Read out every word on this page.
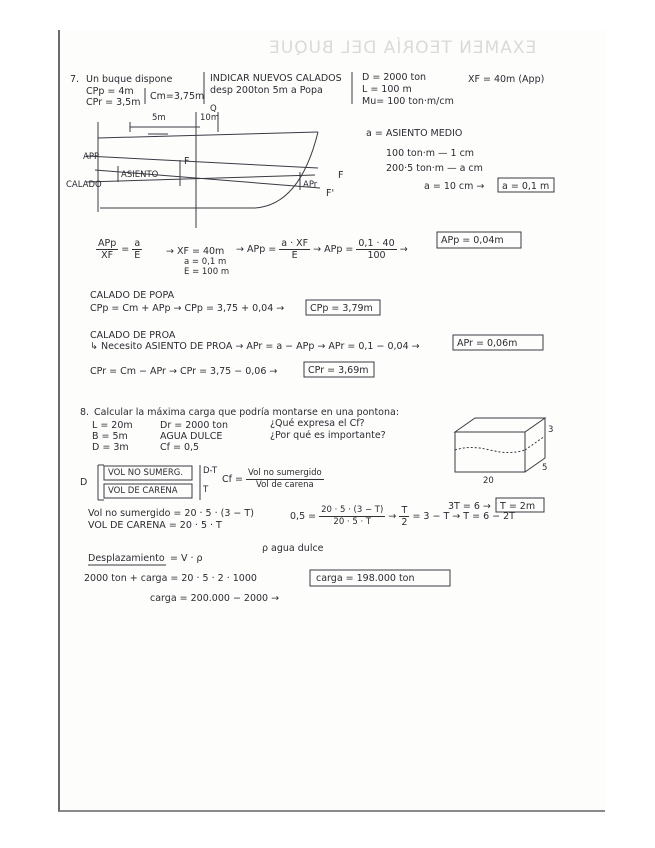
EXAMEN TEORÍA DEL BUQUE
7. Un buque dispone
CPp = 4m
CPr = 3,5m
Cm=3,75m
INDICAR NUEVOS CALADOS
desp 200ton 5m a Popa
D = 2000 ton
L = 100 m
Mu= 100 ton·m/cm
XF = 40m (App)
5m	10m
Q
APP
ASIENTO
CALADO
F
F
F'
APr
a = ASIENTO MEDIO
100 ton·m — 1 cm
200·5 ton·m — a cm
a = 10 cm → a = 0,1 m
$\frac{\text{APp}}{XF} = \frac{a}{E}$ → XF = 40m
a = 0,1 m
E = 100 m
→ APp = $\frac{a \cdot XF}{E}$ → APp = $\frac{0,1 \cdot 40}{100}$ →
APp = 0,04m
CALADO DE POPA
CPp = Cm + APp → CPp = 3,75 + 0,04 →	CPp = 3,79m
CALADO DE PROA
↳ Necesito ASIENTO DE PROA → APr = a − APp → APr = 0,1 − 0,04 →	APr = 0,06m
CPr = Cm − APr → CPr = 3,75 − 0,06 →	CPr = 3,69m
8. Calcular la máxima carga que podría montarse en una pontona:
L = 20m
B = 5m
D = 3m
Dr = 2000 ton
AGUA DULCE
Cf = 0,5
¿Qué expresa el Cf?
¿Por qué es importante?	3
5
20
D
D-T
T
VOL NO SUMERG.
VOL DE CARENA
$Cf = \frac{\text{Vol no sumergido}}{\text{Vol de carena}}$
Vol no sumergido = 20 · 5 · (3 − T)
VOL DE CARENA = 20 · 5 · T
$0,5 = \frac{20 \cdot 5 \cdot (3 - T)}{20 \cdot 5 \cdot T} \to \frac{T}{2} = 3 - T \to T = 6 - 2T$
3T = 6 → T = 2m
Desplazamiento = V · ρ
ρ agua dulce
2000 ton + carga = 20 · 5 · 2 · 1000
carga = 200.000 − 2000 →
carga = 198.000 ton
